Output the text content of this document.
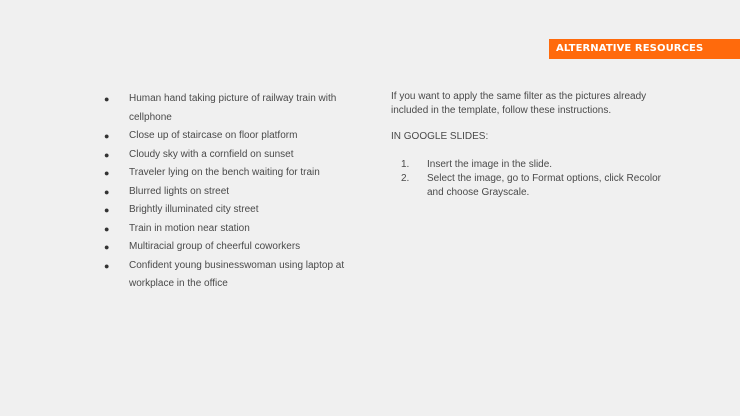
ALTERNATIVE RESOURCES
● Human hand taking picture of railway train with cellphone
● Close up of staircase on floor platform
● Cloudy sky with a cornfield on sunset
● Traveler lying on the bench waiting for train
● Blurred lights on street
● Brightly illuminated city street
● Train in motion near station
● Multiracial group of cheerful coworkers
● Confident young businesswoman using laptop at workplace in the office

If you want to apply the same filter as the pictures already included in the template, follow these instructions.

IN GOOGLE SLIDES:

1. Insert the image in the slide.
2. Select the image, go to Format options, click Recolor and choose Grayscale.
